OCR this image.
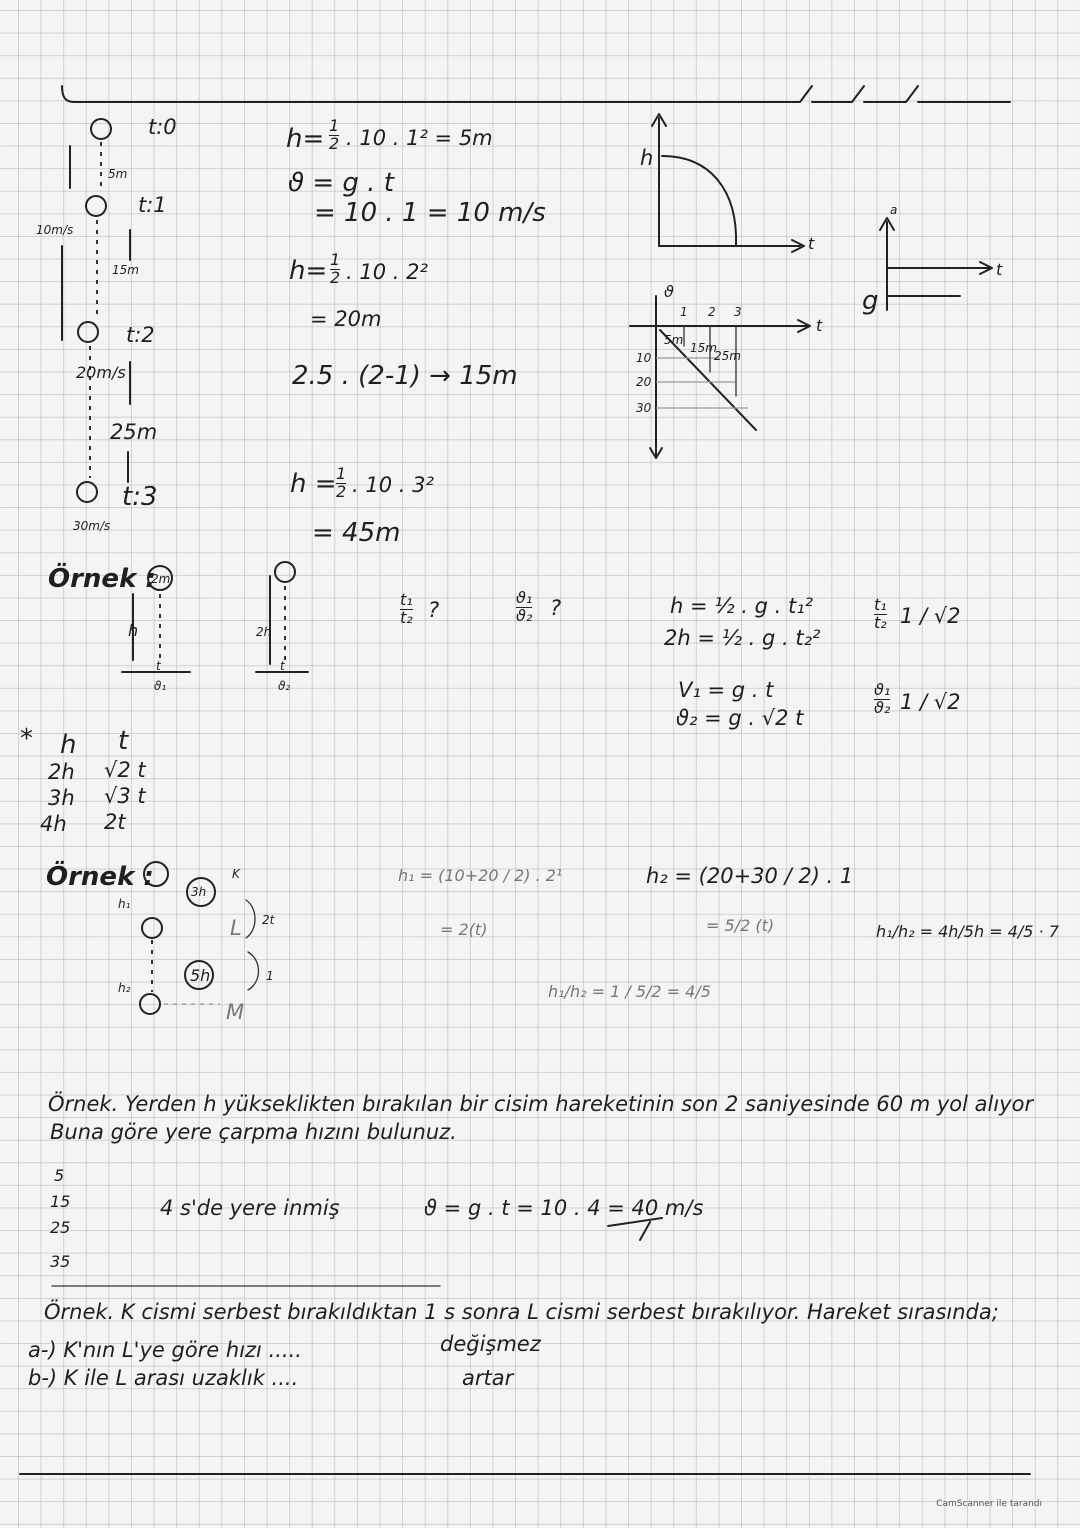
t:0
5m
t:1
10m/s
15m
t:2
20m/s
25m
t:3
30m/s
h= 1
2 . 10 . 1² = 5m
ϑ = g . t
= 10 . 1 = 10 m/s
h= 1
2 . 10 . 2²
= 20m
2.5 . (2-1) → 15m
h = 1
2 . 10 . 3²
= 45m
h
t
ϑ
t
1 2 3
10
20
30
5m
15m
25m
a
t
g
Örnek :
2m
h
t
ϑ₁
2h
t
ϑ₂
t₁
t₂ ?
ϑ₁
ϑ₂ ?	h = ½ . g . t₁²
2h = ½ . g . t₂²
V₁ = g . t
ϑ₂ = g . √2 t
t₁
t₂ 1 / √2
ϑ₁
ϑ₂ 1 / √2
* h t
2h √2 t
3h √3 t
4h 2t
Örnek :	K
h₁
h₂
3h
5h
2t
1
L
M
h₁ = (10+20 / 2) . 2¹
= 2(t)
h₂ = (20+30 / 2) . 1
= 5/2 (t)
h₁/h₂ = 1 / 5/2 = 4/5
h₁/h₂ = 4h/5h = 4/5 · 7
Örnek. Yerden h yükseklikten bırakılan bir cisim hareketinin son 2 saniyesinde 60 m yol alıyor
Buna göre yere çarpma hızını bulunuz.
5
15
25
35
4 s'de yere inmiş	ϑ = g . t = 10 . 4 = 40 m/s
Örnek. K cismi serbest bırakıldıktan 1 s sonra L cismi serbest bırakılıyor. Hareket sırasında;
a-) K'nın L'ye göre hızı .....	değişmez
b-) K ile L arası uzaklık ....	artar
CamScanner ile tarandı
